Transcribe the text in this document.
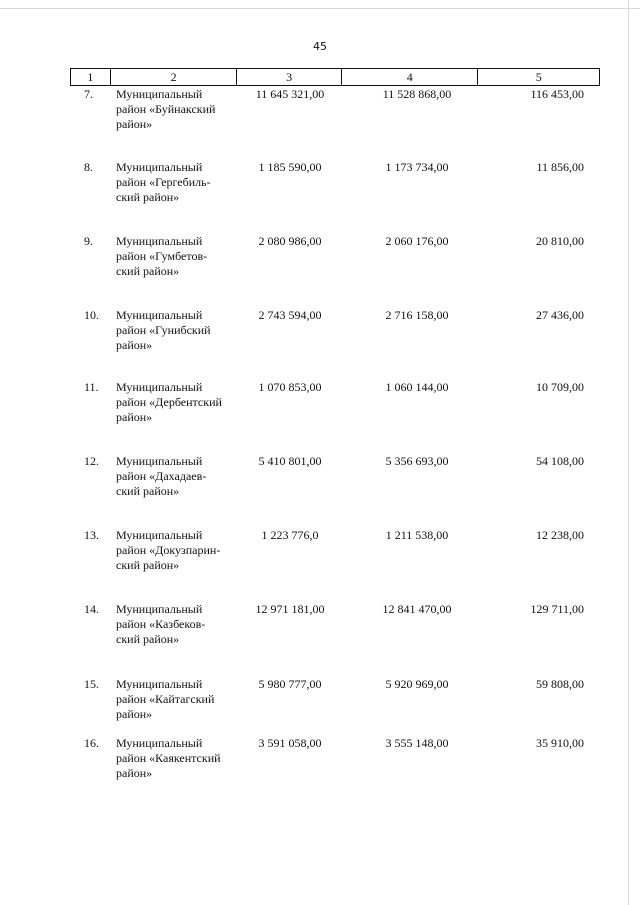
45
1	2	3	4	5
7. Муниципальный
район «Буйнакский
район»
11 645 321,00	11 528 868,00	116 453,00
8. Муниципальный
район «Гергебиль-
ский район»
1 185 590,00	1 173 734,00	11 856,00
9. Муниципальный
район «Гумбетов-
ский район»
2 080 986,00	2 060 176,00	20 810,00
10. Муниципальный
район «Гунибский
район»
2 743 594,00	2 716 158,00	27 436,00
11. Муниципальный
район «Дербентский
район»
1 070 853,00	1 060 144,00	10 709,00
12. Муниципальный
район «Дахадаев-
ский район»
5 410 801,00	5 356 693,00	54 108,00
13. Муниципальный
район «Докузпарин-
ский район»
1 223 776,0	1 211 538,00	12 238,00
14. Муниципальный
район «Казбеков-
ский район»
12 971 181,00	12 841 470,00	129 711,00
15. Муниципальный
район «Кайтагский
район»
5 980 777,00	5 920 969,00	59 808,00
16. Муниципальный
район «Каякентский
район»
3 591 058,00	3 555 148,00	35 910,00
